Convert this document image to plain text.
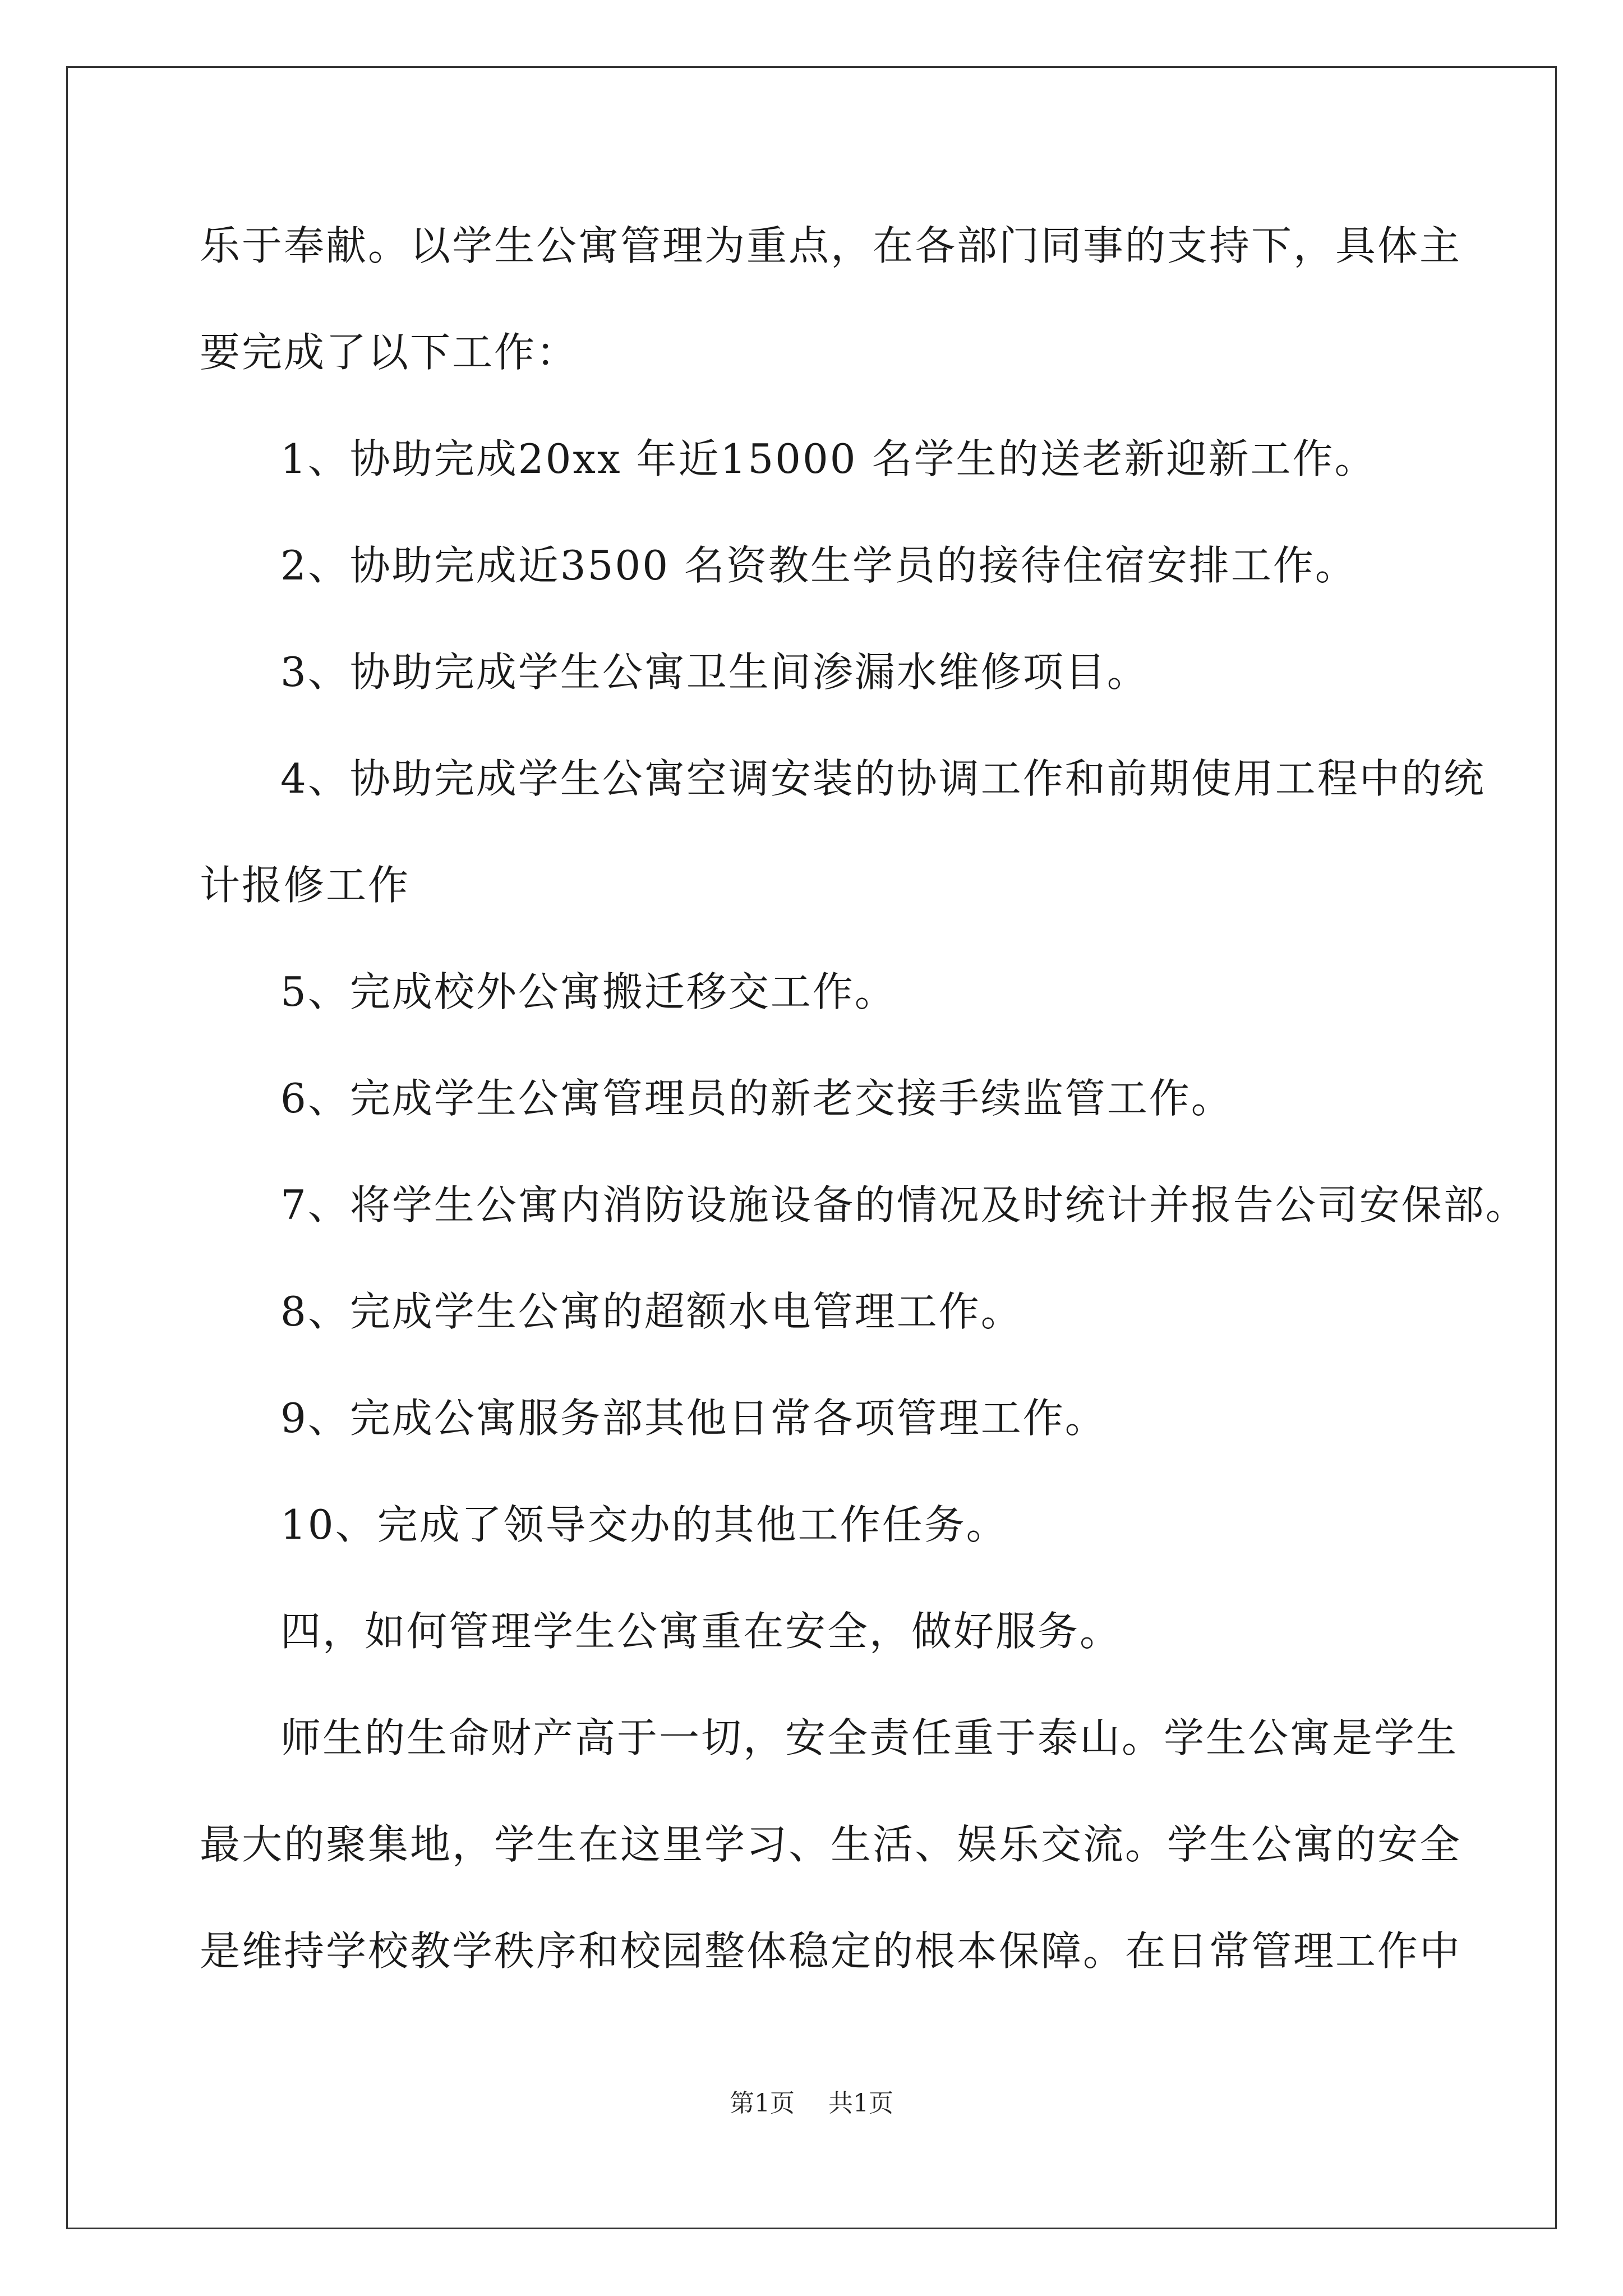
乐于奉献。以学生公寓管理为重点，在各部门同事的支持下，具体主
要完成了以下工作：
1、协助完成20xx 年近15000 名学生的送老新迎新工作。
2、协助完成近3500 名资教生学员的接待住宿安排工作。
3、协助完成学生公寓卫生间渗漏水维修项目。
4、协助完成学生公寓空调安装的协调工作和前期使用工程中的统
计报修工作
5、完成校外公寓搬迁移交工作。
6、完成学生公寓管理员的新老交接手续监管工作。
7、将学生公寓内消防设施设备的情况及时统计并报告公司安保部。
8、完成学生公寓的超额水电管理工作。
9、完成公寓服务部其他日常各项管理工作。
10、完成了领导交办的其他工作任务。
四，如何管理学生公寓重在安全，做好服务。
师生的生命财产高于一切，安全责任重于泰山。学生公寓是学生
最大的聚集地，学生在这里学习、生活、娱乐交流。学生公寓的安全
是维持学校教学秩序和校园整体稳定的根本保障。在日常管理工作中
第1页 共1页
